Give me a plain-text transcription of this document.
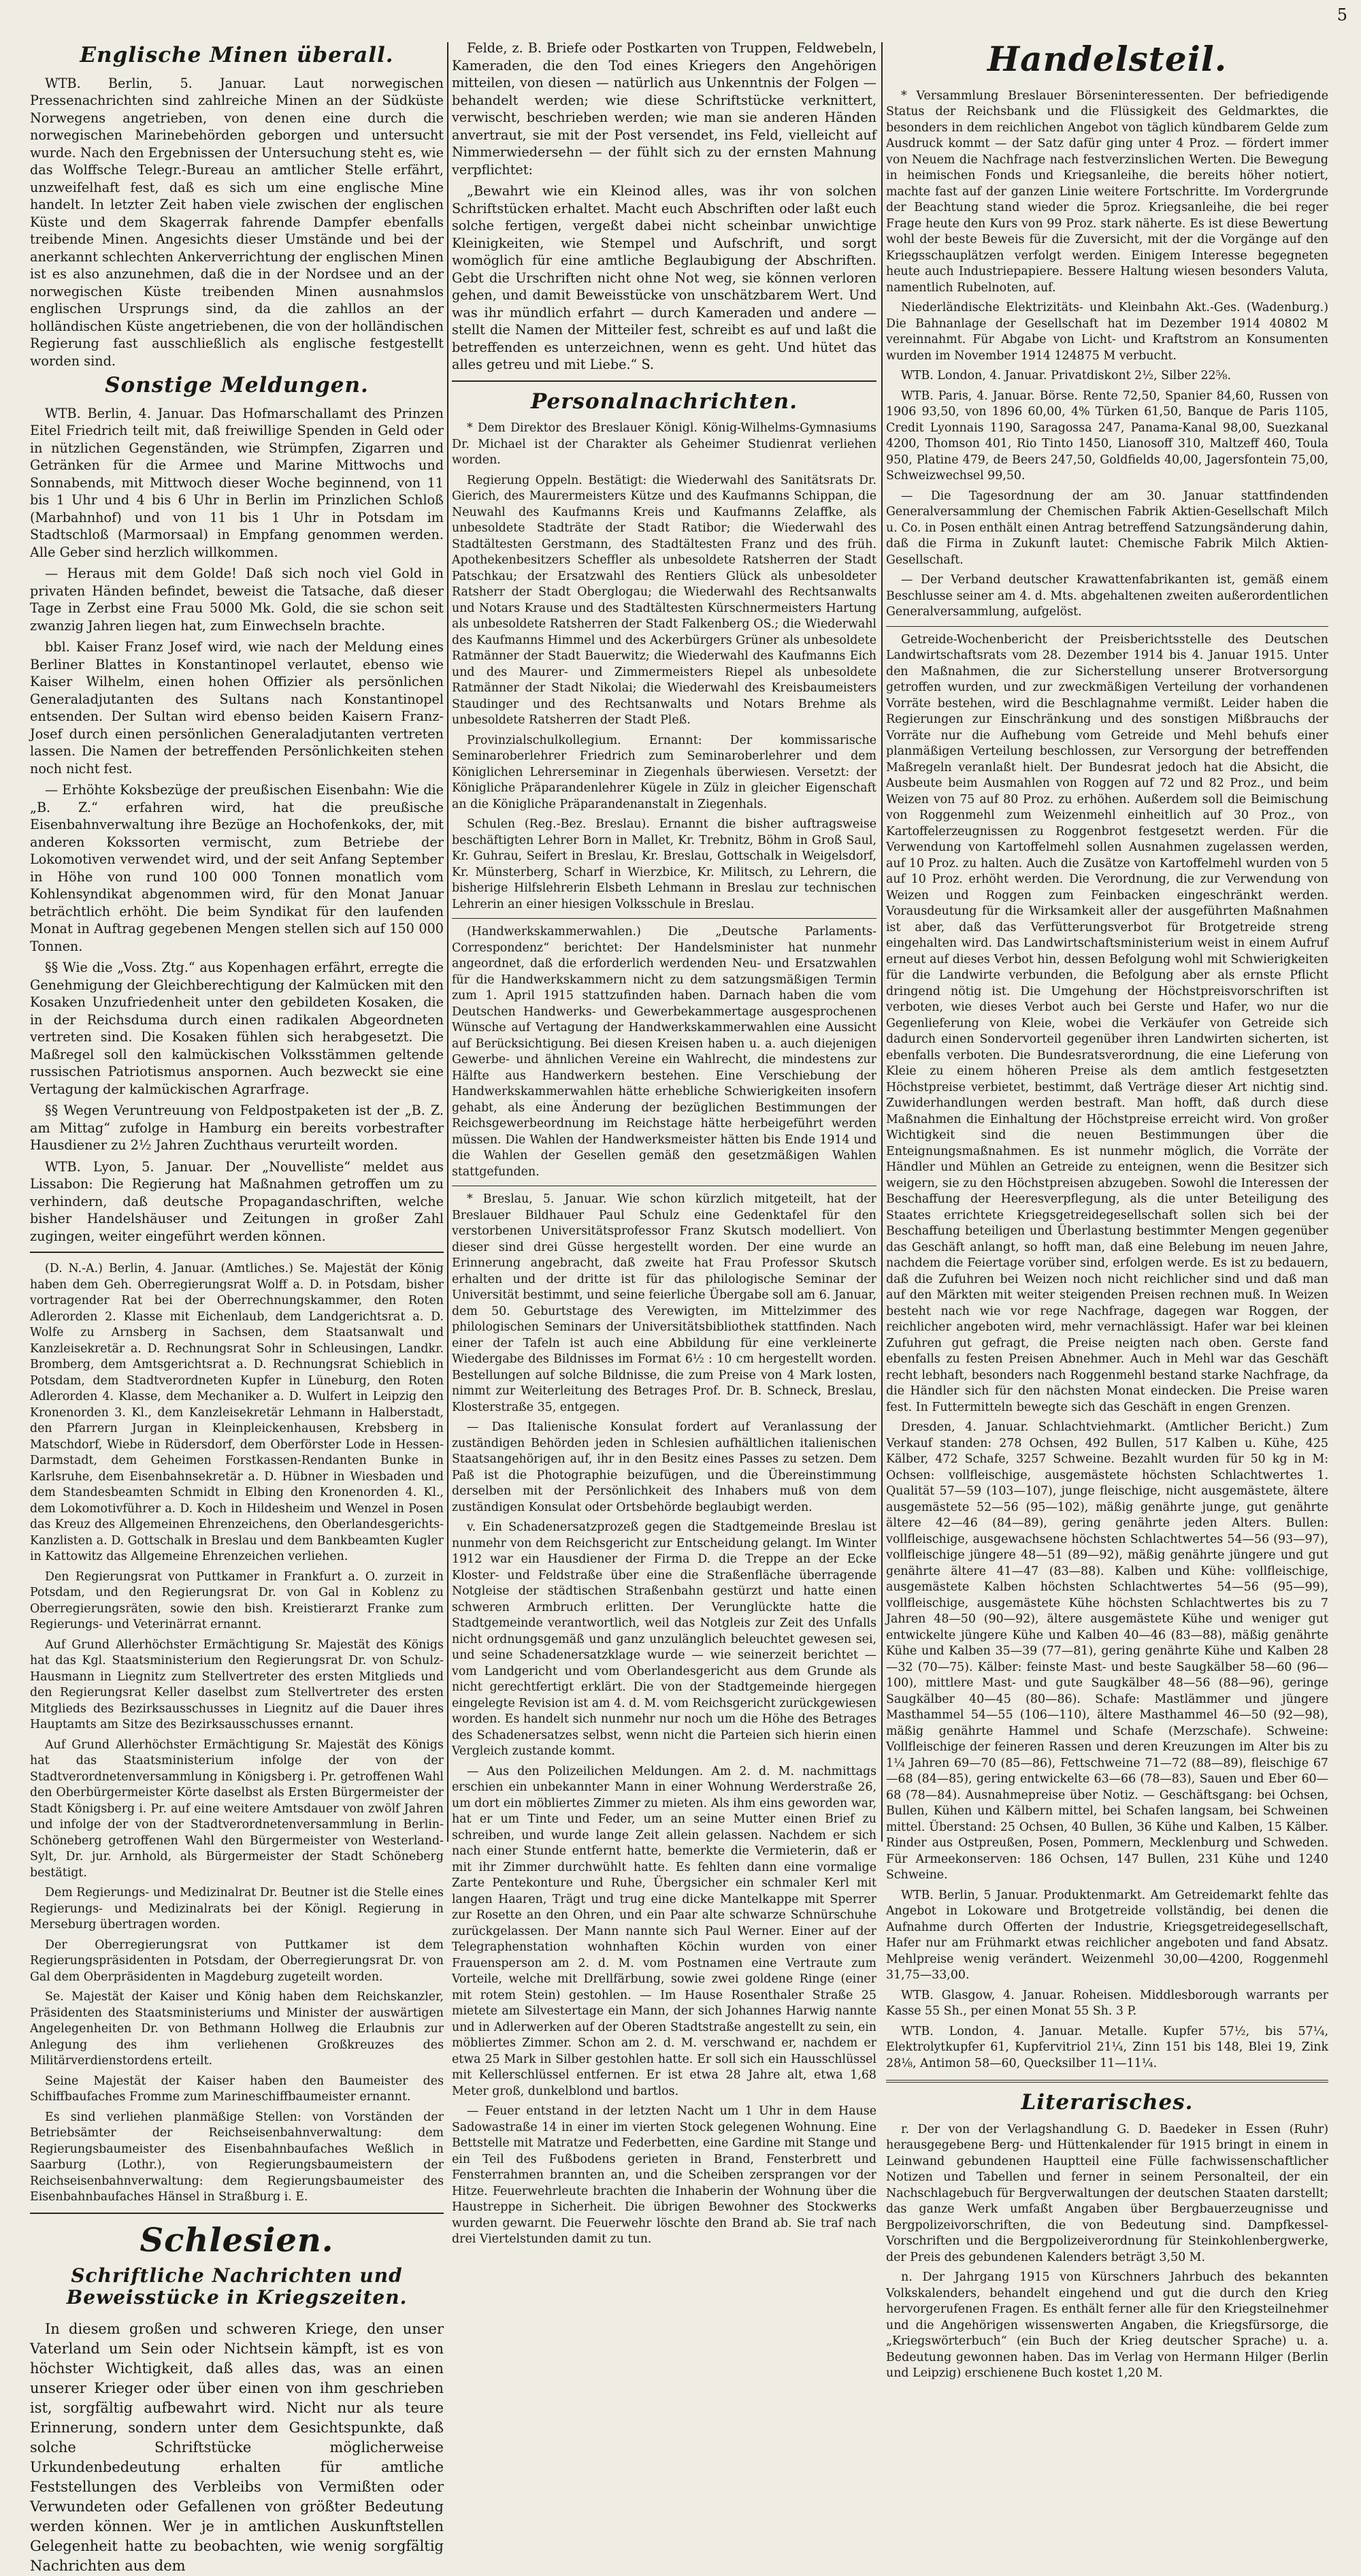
5
Englische Minen überall.

WTB. Berlin, 5. Januar. Laut norwegischen Pressenachrichten sind zahlreiche Minen an der Südküste Norwegens angetrieben, von denen eine durch die norwegischen Marinebehörden geborgen und untersucht wurde. Nach den Ergebnissen der Untersuchung steht es, wie das Wolffsche Telegr.-Bureau an amtlicher Stelle erfährt, unzweifelhaft fest, daß es sich um eine englische Mine handelt. In letzter Zeit haben viele zwischen der englischen Küste und dem Skagerrak fahrende Dampfer ebenfalls treibende Minen. Angesichts dieser Umstände und bei der anerkannt schlechten Ankerverrichtung der englischen Minen ist es also anzunehmen, daß die in der Nordsee und an der norwegischen Küste treibenden Minen ausnahmslos englischen Ursprungs sind, da die zahllos an der holländischen Küste angetriebenen, die von der holländischen Regierung fast ausschließlich als englische festgestellt worden sind.

Sonstige Meldungen.

WTB. Berlin, 4. Januar. Das Hofmarschallamt des Prinzen Eitel Friedrich teilt mit, daß freiwillige Spenden in Geld oder in nützlichen Gegenständen, wie Strümpfen, Zigarren und Getränken für die Armee und Marine Mittwochs und Sonnabends, mit Mittwoch dieser Woche beginnend, von 11 bis 1 Uhr und 4 bis 6 Uhr in Berlin im Prinzlichen Schloß (Marbahnhof) und von 11 bis 1 Uhr in Potsdam im Stadtschloß (Marmorsaal) in Empfang genommen werden. Alle Geber sind herzlich willkommen.

— Heraus mit dem Golde! Daß sich noch viel Gold in privaten Händen befindet, beweist die Tatsache, daß dieser Tage in Zerbst eine Frau 5000 Mk. Gold, die sie schon seit zwanzig Jahren liegen hat, zum Einwechseln brachte.

bbl. Kaiser Franz Josef wird, wie nach der Meldung eines Berliner Blattes in Konstantinopel verlautet, ebenso wie Kaiser Wilhelm, einen hohen Offizier als persönlichen Generaladjutanten des Sultans nach Konstantinopel entsenden. Der Sultan wird ebenso beiden Kaisern Franz-Josef durch einen persönlichen Generaladjutanten vertreten lassen. Die Namen der betreffenden Persönlichkeiten stehen noch nicht fest.

— Erhöhte Koksbezüge der preußischen Eisenbahn: Wie die „B. Z.“ erfahren wird, hat die preußische Eisenbahnverwaltung ihre Bezüge an Hochofenkoks, der, mit anderen Kokssorten vermischt, zum Betriebe der Lokomotiven verwendet wird, und der seit Anfang September in Höhe von rund 100 000 Tonnen monatlich vom Kohlensyndikat abgenommen wird, für den Monat Januar beträchtlich erhöht. Die beim Syndikat für den laufenden Monat in Auftrag gegebenen Mengen stellen sich auf 150 000 Tonnen.

§§ Wie die „Voss. Ztg.“ aus Kopenhagen erfährt, erregte die Genehmigung der Gleichberechtigung der Kalmücken mit den Kosaken Unzufriedenheit unter den gebildeten Kosaken, die in der Reichsduma durch einen radikalen Abgeordneten vertreten sind. Die Kosaken fühlen sich herabgesetzt. Die Maßregel soll den kalmückischen Volksstämmen geltende russischen Patriotismus anspornen. Auch bezweckt sie eine Vertagung der kalmückischen Agrarfrage.

§§ Wegen Veruntreuung von Feldpostpaketen ist der „B. Z. am Mittag“ zufolge in Hamburg ein bereits vorbestrafter Hausdiener zu 2½ Jahren Zuchthaus verurteilt worden.

WTB. Lyon, 5. Januar. Der „Nouvelliste“ meldet aus Lissabon: Die Regierung hat Maßnahmen getroffen um zu verhindern, daß deutsche Propagandaschriften, welche bisher Handelshäuser und Zeitungen in großer Zahl zugingen, weiter eingeführt werden können.

(D. N.-A.) Berlin, 4. Januar. (Amtliches.) Se. Majestät der König haben dem Geh. Oberregierungsrat Wolff a. D. in Potsdam, bisher vortragender Rat bei der Oberrechnungskammer, den Roten Adlerorden 2. Klasse mit Eichenlaub, dem Landgerichtsrat a. D. Wolfe zu Arnsberg in Sachsen, dem Staatsanwalt und Kanzleisekretär a. D. Rechnungsrat Sohr in Schleusingen, Landkr. Bromberg, dem Amtsgerichtsrat a. D. Rechnungsrat Schieblich in Potsdam, dem Stadtverordneten Kupfer in Lüneburg, den Roten Adlerorden 4. Klasse, dem Mechaniker a. D. Wulfert in Leipzig den Kronenorden 3. Kl., dem Kanzleisekretär Lehmann in Halberstadt, den Pfarrern Jurgan in Kleinpleickenhausen, Krebsberg in Matschdorf, Wiebe in Rüdersdorf, dem Oberförster Lode in Hessen-Darmstadt, dem Geheimen Forstkassen-Rendanten Bunke in Karlsruhe, dem Eisenbahnsekretär a. D. Hübner in Wiesbaden und dem Standesbeamten Schmidt in Elbing den Kronenorden 4. Kl., dem Lokomotivführer a. D. Koch in Hildesheim und Wenzel in Posen das Kreuz des Allgemeinen Ehrenzeichens, den Oberlandesgerichts-Kanzlisten a. D. Gottschalk in Breslau und dem Bankbeamten Kugler in Kattowitz das Allgemeine Ehrenzeichen verliehen.

Den Regierungsrat von Puttkamer in Frankfurt a. O. zurzeit in Potsdam, und den Regierungsrat Dr. von Gal in Koblenz zu Oberregierungsräten, sowie den bish. Kreistierarzt Franke zum Regierungs- und Veterinärrat ernannt.

Auf Grund Allerhöchster Ermächtigung Sr. Majestät des Königs hat das Kgl. Staatsministerium den Regierungsrat Dr. von Schulz-Hausmann in Liegnitz zum Stellvertreter des ersten Mitglieds und den Regierungsrat Keller daselbst zum Stellvertreter des ersten Mitglieds des Bezirksausschusses in Liegnitz auf die Dauer ihres Hauptamts am Sitze des Bezirksausschusses ernannt.

Auf Grund Allerhöchster Ermächtigung Sr. Majestät des Königs hat das Staatsministerium infolge der von der Stadtverordnetenversammlung in Königsberg i. Pr. getroffenen Wahl den Oberbürgermeister Körte daselbst als Ersten Bürgermeister der Stadt Königsberg i. Pr. auf eine weitere Amtsdauer von zwölf Jahren und infolge der von der Stadtverordnetenversammlung in Berlin-Schöneberg getroffenen Wahl den Bürgermeister von Westerland-Sylt, Dr. jur. Arnhold, als Bürgermeister der Stadt Schöneberg bestätigt.

Dem Regierungs- und Medizinalrat Dr. Beutner ist die Stelle eines Regierungs- und Medizinalrats bei der Königl. Regierung in Merseburg übertragen worden.

Der Oberregierungsrat von Puttkamer ist dem Regierungspräsidenten in Potsdam, der Oberregierungsrat Dr. von Gal dem Oberpräsidenten in Magdeburg zugeteilt worden.

Se. Majestät der Kaiser und König haben dem Reichskanzler, Präsidenten des Staatsministeriums und Minister der auswärtigen Angelegenheiten Dr. von Bethmann Hollweg die Erlaubnis zur Anlegung des ihm verliehenen Großkreuzes des Militärverdienstordens erteilt.

Seine Majestät der Kaiser haben den Baumeister des Schiffbaufaches Fromme zum Marineschiffbaumeister ernannt.

Es sind verliehen planmäßige Stellen: von Vorständen der Betriebsämter der Reichseisenbahnverwaltung: dem Regierungsbaumeister des Eisenbahnbaufaches Weßlich in Saarburg (Lothr.), von Regierungsbaumeistern der Reichseisenbahnverwaltung: dem Regierungsbaumeister des Eisenbahnbaufaches Hänsel in Straßburg i. E.

Schlesien.
Schriftliche Nachrichten und Beweisstücke in Kriegszeiten.

In diesem großen und schweren Kriege, den unser Vaterland um Sein oder Nichtsein kämpft, ist es von höchster Wichtigkeit, daß alles das, was an einen unserer Krieger oder über einen von ihm geschrieben ist, sorgfältig aufbewahrt wird. Nicht nur als teure Erinnerung, sondern unter dem Gesichtspunkte, daß solche Schriftstücke möglicherweise Urkundenbedeutung erhalten für amtliche Feststellungen des Verbleibs von Vermißten oder Verwundeten oder Gefallenen von größter Bedeutung werden können. Wer je in amtlichen Auskunftstellen Gelegenheit hatte zu beobachten, wie wenig sorgfältig Nachrichten aus dem

Felde, z. B. Briefe oder Postkarten von Truppen, Feldwebeln, Kameraden, die den Tod eines Kriegers den Angehörigen mitteilen, von diesen — natürlich aus Unkenntnis der Folgen — behandelt werden; wie diese Schriftstücke verknittert, verwischt, beschrieben werden; wie man sie anderen Händen anvertraut, sie mit der Post versendet, ins Feld, vielleicht auf Nimmerwiedersehn — der fühlt sich zu der ernsten Mahnung verpflichtet:

„Bewahrt wie ein Kleinod alles, was ihr von solchen Schriftstücken erhaltet. Macht euch Abschriften oder laßt euch solche fertigen, vergeßt dabei nicht scheinbar unwichtige Kleinigkeiten, wie Stempel und Aufschrift, und sorgt womöglich für eine amtliche Beglaubigung der Abschriften. Gebt die Urschriften nicht ohne Not weg, sie können verloren gehen, und damit Beweisstücke von unschätzbarem Wert. Und was ihr mündlich erfahrt — durch Kameraden und andere — stellt die Namen der Mitteiler fest, schreibt es auf und laßt die betreffenden es unterzeichnen, wenn es geht. Und hütet das alles getreu und mit Liebe.“ S.

Personalnachrichten.

* Dem Direktor des Breslauer Königl. König-Wilhelms-Gymnasiums Dr. Michael ist der Charakter als Geheimer Studienrat verliehen worden.

Regierung Oppeln. Bestätigt: die Wiederwahl des Sanitätsrats Dr. Gierich, des Maurermeisters Kütze und des Kaufmanns Schippan, die Neuwahl des Kaufmanns Kreis und Kaufmanns Zelaffke, als unbesoldete Stadträte der Stadt Ratibor; die Wiederwahl des Stadtältesten Gerstmann, des Stadtältesten Franz und des früh. Apothekenbesitzers Scheffler als unbesoldete Ratsherren der Stadt Patschkau; der Ersatzwahl des Rentiers Glück als unbesoldeter Ratsherr der Stadt Oberglogau; die Wiederwahl des Rechtsanwalts und Notars Krause und des Stadtältesten Kürschnermeisters Hartung als unbesoldete Ratsherren der Stadt Falkenberg OS.; die Wiederwahl des Kaufmanns Himmel und des Ackerbürgers Grüner als unbesoldete Ratmänner der Stadt Bauerwitz; die Wiederwahl des Kaufmanns Eich und des Maurer- und Zimmermeisters Riepel als unbesoldete Ratmänner der Stadt Nikolai; die Wiederwahl des Kreisbaumeisters Staudinger und des Rechtsanwalts und Notars Brehme als unbesoldete Ratsherren der Stadt Pleß.

Provinzialschulkollegium. Ernannt: Der kommissarische Seminaroberlehrer Friedrich zum Seminaroberlehrer und dem Königlichen Lehrerseminar in Ziegenhals überwiesen. Versetzt: der Königliche Präparandenlehrer Kügele in Zülz in gleicher Eigenschaft an die Königliche Präparandenanstalt in Ziegenhals.

Schulen (Reg.-Bez. Breslau). Ernannt die bisher auftragsweise beschäftigten Lehrer Born in Mallet, Kr. Trebnitz, Böhm in Groß Saul, Kr. Guhrau, Seifert in Breslau, Kr. Breslau, Gottschalk in Weigelsdorf, Kr. Münsterberg, Scharf in Wierzbice, Kr. Militsch, zu Lehrern, die bisherige Hilfslehrerin Elsbeth Lehmann in Breslau zur technischen Lehrerin an einer hiesigen Volksschule in Breslau.

(Handwerkskammerwahlen.) Die „Deutsche Parlaments-Correspondenz“ berichtet: Der Handelsminister hat nunmehr angeordnet, daß die erforderlich werdenden Neu- und Ersatzwahlen für die Handwerkskammern nicht zu dem satzungsmäßigen Termin zum 1. April 1915 stattzufinden haben. Darnach haben die vom Deutschen Handwerks- und Gewerbekammertage ausgesprochenen Wünsche auf Vertagung der Handwerkskammerwahlen eine Aussicht auf Berücksichtigung. Bei diesen Kreisen haben u. a. auch diejenigen Gewerbe- und ähnlichen Vereine ein Wahlrecht, die mindestens zur Hälfte aus Handwerkern bestehen. Eine Verschiebung der Handwerkskammerwahlen hätte erhebliche Schwierigkeiten insofern gehabt, als eine Änderung der bezüglichen Bestimmungen der Reichsgewerbeordnung im Reichstage hätte herbeigeführt werden müssen. Die Wahlen der Handwerksmeister hätten bis Ende 1914 und die Wahlen der Gesellen gemäß den gesetzmäßigen Wahlen stattgefunden.

* Breslau, 5. Januar. Wie schon kürzlich mitgeteilt, hat der Breslauer Bildhauer Paul Schulz eine Gedenktafel für den verstorbenen Universitätsprofessor Franz Skutsch modelliert. Von dieser sind drei Güsse hergestellt worden. Der eine wurde an Erinnerung angebracht, daß zweite hat Frau Professor Skutsch erhalten und der dritte ist für das philologische Seminar der Universität bestimmt, und seine feierliche Übergabe soll am 6. Januar, dem 50. Geburtstage des Verewigten, im Mittelzimmer des philologischen Seminars der Universitätsbibliothek stattfinden. Nach einer der Tafeln ist auch eine Abbildung für eine verkleinerte Wiedergabe des Bildnisses im Format 6½ : 10 cm hergestellt worden. Bestellungen auf solche Bildnisse, die zum Preise von 4 Mark losten, nimmt zur Weiterleitung des Betrages Prof. Dr. B. Schneck, Breslau, Klosterstraße 35, entgegen.

— Das Italienische Konsulat fordert auf Veranlassung der zuständigen Behörden jeden in Schlesien aufhältlichen italienischen Staatsangehörigen auf, ihr in den Besitz eines Passes zu setzen. Dem Paß ist die Photographie beizufügen, und die Übereinstimmung derselben mit der Persönlichkeit des Inhabers muß von dem zuständigen Konsulat oder Ortsbehörde beglaubigt werden.

v. Ein Schadenersatzprozeß gegen die Stadtgemeinde Breslau ist nunmehr von dem Reichsgericht zur Entscheidung gelangt. Im Winter 1912 war ein Hausdiener der Firma D. die Treppe an der Ecke Kloster- und Feldstraße über eine die Straßenfläche überragende Notgleise der städtischen Straßenbahn gestürzt und hatte einen schweren Armbruch erlitten. Der Verunglückte hatte die Stadtgemeinde verantwortlich, weil das Notgleis zur Zeit des Unfalls nicht ordnungsgemäß und ganz unzulänglich beleuchtet gewesen sei, und seine Schadenersatzklage wurde — wie seinerzeit berichtet — vom Landgericht und vom Oberlandesgericht aus dem Grunde als nicht gerechtfertigt erklärt. Die von der Stadtgemeinde hiergegen eingelegte Revision ist am 4. d. M. vom Reichsgericht zurückgewiesen worden. Es handelt sich nunmehr nur noch um die Höhe des Betrages des Schadenersatzes selbst, wenn nicht die Parteien sich hierin einen Vergleich zustande kommt.

— Aus den Polizeilichen Meldungen. Am 2. d. M. nachmittags erschien ein unbekannter Mann in einer Wohnung Werderstraße 26, um dort ein möbliertes Zimmer zu mieten. Als ihm eins geworden war, hat er um Tinte und Feder, um an seine Mutter einen Brief zu schreiben, und wurde lange Zeit allein gelassen. Nachdem er sich nach einer Stunde entfernt hatte, bemerkte die Vermieterin, daß er mit ihr Zimmer durchwühlt hatte. Es fehlten dann eine vormalige Zarte Pentekonture und Ruhe, Übergsicher ein schmaler Kerl mit langen Haaren, Trägt und trug eine dicke Mantelkappe mit Sperrer zur Rosette an den Ohren, und ein Paar alte schwarze Schnürschuhe zurückgelassen. Der Mann nannte sich Paul Werner. Einer auf der Telegraphenstation wohnhaften Köchin wurden von einer Frauensperson am 2. d. M. vom Postnamen eine Vertraute zum Vorteile, welche mit Drellfärbung, sowie zwei goldene Ringe (einer mit rotem Stein) gestohlen. — Im Hause Rosenthaler Straße 25 mietete am Silvestertage ein Mann, der sich Johannes Harwig nannte und in Adlerwerken auf der Oberen Stadtstraße angestellt zu sein, ein möbliertes Zimmer. Schon am 2. d. M. verschwand er, nachdem er etwa 25 Mark in Silber gestohlen hatte. Er soll sich ein Hausschlüssel mit Kellerschlüssel entfernen. Er ist etwa 28 Jahre alt, etwa 1,68 Meter groß, dunkelblond und bartlos.

— Feuer entstand in der letzten Nacht um 1 Uhr in dem Hause Sadowastraße 14 in einer im vierten Stock gelegenen Wohnung. Eine Bettstelle mit Matratze und Federbetten, eine Gardine mit Stange und ein Teil des Fußbodens gerieten in Brand, Fensterbrett und Fensterrahmen brannten an, und die Scheiben zersprangen vor der Hitze. Feuerwehrleute brachten die Inhaberin der Wohnung über die Haustreppe in Sicherheit. Die übrigen Bewohner des Stockwerks wurden gewarnt. Die Feuerwehr löschte den Brand ab. Sie traf nach drei Viertelstunden damit zu tun.

Handelsteil.

* Versammlung Breslauer Börseninteressenten. Der befriedigende Status der Reichsbank und die Flüssigkeit des Geldmarktes, die besonders in dem reichlichen Angebot von täglich kündbarem Gelde zum Ausdruck kommt — der Satz dafür ging unter 4 Proz. — fördert immer von Neuem die Nachfrage nach festverzinslichen Werten. Die Bewegung in heimischen Fonds und Kriegsanleihe, die bereits höher notiert, machte fast auf der ganzen Linie weitere Fortschritte. Im Vordergrunde der Beachtung stand wieder die 5proz. Kriegsanleihe, die bei reger Frage heute den Kurs von 99 Proz. stark näherte. Es ist diese Bewertung wohl der beste Beweis für die Zuversicht, mit der die Vorgänge auf den Kriegsschauplätzen verfolgt werden. Einigem Interesse begegneten heute auch Industriepapiere. Bessere Haltung wiesen besonders Valuta, namentlich Rubelnoten, auf.

Niederländische Elektrizitäts- und Kleinbahn Akt.-Ges. (Wadenburg.) Die Bahnanlage der Gesellschaft hat im Dezember 1914 40802 M vereinnahmt. Für Abgabe von Licht- und Kraftstrom an Konsumenten wurden im November 1914 124875 M verbucht.

WTB. London, 4. Januar. Privatdiskont 2½, Silber 22⅝.

WTB. Paris, 4. Januar. Börse. Rente 72,50, Spanier 84,60, Russen von 1906 93,50, von 1896 60,00, 4% Türken 61,50, Banque de Paris 1105, Credit Lyonnais 1190, Saragossa 247, Panama-Kanal 98,00, Suezkanal 4200, Thomson 401, Rio Tinto 1450, Lianosoff 310, Maltzeff 460, Toula 950, Platine 479, de Beers 247,50, Goldfields 40,00, Jagersfontein 75,00, Schweizwechsel 99,50.

— Die Tagesordnung der am 30. Januar stattfindenden Generalversammlung der Chemischen Fabrik Aktien-Gesellschaft Milch u. Co. in Posen enthält einen Antrag betreffend Satzungsänderung dahin, daß die Firma in Zukunft lautet: Chemische Fabrik Milch Aktien-Gesellschaft.

— Der Verband deutscher Krawattenfabrikanten ist, gemäß einem Beschlusse seiner am 4. d. Mts. abgehaltenen zweiten außerordentlichen Generalversammlung, aufgelöst.

Getreide-Wochenbericht der Preisberichtsstelle des Deutschen Landwirtschaftsrats vom 28. Dezember 1914 bis 4. Januar 1915. Unter den Maßnahmen, die zur Sicherstellung unserer Brotversorgung getroffen wurden, und zur zweckmäßigen Verteilung der vorhandenen Vorräte bestehen, wird die Beschlagnahme vermißt. Leider haben die Regierungen zur Einschränkung und des sonstigen Mißbrauchs der Vorräte nur die Aufhebung vom Getreide und Mehl behufs einer planmäßigen Verteilung beschlossen, zur Versorgung der betreffenden Maßregeln veranlaßt hielt. Der Bundesrat jedoch hat die Absicht, die Ausbeute beim Ausmahlen von Roggen auf 72 und 82 Proz., und beim Weizen von 75 auf 80 Proz. zu erhöhen. Außerdem soll die Beimischung von Roggenmehl zum Weizenmehl einheitlich auf 30 Proz., von Kartoffelerzeugnissen zu Roggenbrot festgesetzt werden. Für die Verwendung von Kartoffelmehl sollen Ausnahmen zugelassen werden, auf 10 Proz. zu halten. Auch die Zusätze von Kartoffelmehl wurden von 5 auf 10 Proz. erhöht werden. Die Verordnung, die zur Verwendung von Weizen und Roggen zum Feinbacken eingeschränkt werden. Vorausdeutung für die Wirksamkeit aller der ausgeführten Maßnahmen ist aber, daß das Verfütterungsverbot für Brotgetreide streng eingehalten wird. Das Landwirtschaftsministerium weist in einem Aufruf erneut auf dieses Verbot hin, dessen Befolgung wohl mit Schwierigkeiten für die Landwirte verbunden, die Befolgung aber als ernste Pflicht dringend nötig ist. Die Umgehung der Höchstpreisvorschriften ist verboten, wie dieses Verbot auch bei Gerste und Hafer, wo nur die Gegenlieferung von Kleie, wobei die Verkäufer von Getreide sich dadurch einen Sondervorteil gegenüber ihren Landwirten sicherten, ist ebenfalls verboten. Die Bundesratsverordnung, die eine Lieferung von Kleie zu einem höheren Preise als dem amtlich festgesetzten Höchstpreise verbietet, bestimmt, daß Verträge dieser Art nichtig sind. Zuwiderhandlungen werden bestraft. Man hofft, daß durch diese Maßnahmen die Einhaltung der Höchstpreise erreicht wird. Von großer Wichtigkeit sind die neuen Bestimmungen über die Enteignungsmaßnahmen. Es ist nunmehr möglich, die Vorräte der Händler und Mühlen an Getreide zu enteignen, wenn die Besitzer sich weigern, sie zu den Höchstpreisen abzugeben. Sowohl die Interessen der Beschaffung der Heeresverpflegung, als die unter Beteiligung des Staates errichtete Kriegsgetreidegesellschaft sollen sich bei der Beschaffung beteiligen und Überlastung bestimmter Mengen gegenüber das Geschäft anlangt, so hofft man, daß eine Belebung im neuen Jahre, nachdem die Feiertage vorüber sind, erfolgen werde. Es ist zu bedauern, daß die Zufuhren bei Weizen noch nicht reichlicher sind und daß man auf den Märkten mit weiter steigenden Preisen rechnen muß. In Weizen besteht nach wie vor rege Nachfrage, dagegen war Roggen, der reichlicher angeboten wird, mehr vernachlässigt. Hafer war bei kleinen Zufuhren gut gefragt, die Preise neigten nach oben. Gerste fand ebenfalls zu festen Preisen Abnehmer. Auch in Mehl war das Geschäft recht lebhaft, besonders nach Roggenmehl bestand starke Nachfrage, da die Händler sich für den nächsten Monat eindecken. Die Preise waren fest. In Futtermitteln bewegte sich das Geschäft in engen Grenzen.

Dresden, 4. Januar. Schlachtviehmarkt. (Amtlicher Bericht.) Zum Verkauf standen: 278 Ochsen, 492 Bullen, 517 Kalben u. Kühe, 425 Kälber, 472 Schafe, 3257 Schweine. Bezahlt wurden für 50 kg in M: Ochsen: vollfleischige, ausgemästete höchsten Schlachtwertes 1. Qualität 57—59 (103—107), junge fleischige, nicht ausgemästete, ältere ausgemästete 52—56 (95—102), mäßig genährte junge, gut genährte ältere 42—46 (84—89), gering genährte jeden Alters. Bullen: vollfleischige, ausgewachsene höchsten Schlachtwertes 54—56 (93—97), vollfleischige jüngere 48—51 (89—92), mäßig genährte jüngere und gut genährte ältere 41—47 (83—88). Kalben und Kühe: vollfleischige, ausgemästete Kalben höchsten Schlachtwertes 54—56 (95—99), vollfleischige, ausgemästete Kühe höchsten Schlachtwertes bis zu 7 Jahren 48—50 (90—92), ältere ausgemästete Kühe und weniger gut entwickelte jüngere Kühe und Kalben 40—46 (83—88), mäßig genährte Kühe und Kalben 35—39 (77—81), gering genährte Kühe und Kalben 28—32 (70—75). Kälber: feinste Mast- und beste Saugkälber 58—60 (96—100), mittlere Mast- und gute Saugkälber 48—56 (88—96), geringe Saugkälber 40—45 (80—86). Schafe: Mastlämmer und jüngere Masthammel 54—55 (106—110), ältere Masthammel 46—50 (92—98), mäßig genährte Hammel und Schafe (Merzschafe). Schweine: Vollfleischige der feineren Rassen und deren Kreuzungen im Alter bis zu 1¼ Jahren 69—70 (85—86), Fettschweine 71—72 (88—89), fleischige 67—68 (84—85), gering entwickelte 63—66 (78—83), Sauen und Eber 60—68 (78—84). Ausnahmepreise über Notiz. — Geschäftsgang: bei Ochsen, Bullen, Kühen und Kälbern mittel, bei Schafen langsam, bei Schweinen mittel. Überstand: 25 Ochsen, 40 Bullen, 36 Kühe und Kalben, 15 Kälber. Rinder aus Ostpreußen, Posen, Pommern, Mecklenburg und Schweden. Für Armeekonserven: 186 Ochsen, 147 Bullen, 231 Kühe und 1240 Schweine.

WTB. Berlin, 5 Januar. Produktenmarkt. Am Getreidemarkt fehlte das Angebot in Lokoware und Brotgetreide vollständig, bei denen die Aufnahme durch Offerten der Industrie, Kriegsgetreidegesellschaft, Hafer nur am Frühmarkt etwas reichlicher angeboten und fand Absatz. Mehlpreise wenig verändert. Weizenmehl 30,00—4200, Roggenmehl 31,75—33,00.

WTB. Glasgow, 4. Januar. Roheisen. Middlesborough warrants per Kasse 55 Sh., per einen Monat 55 Sh. 3 P.

WTB. London, 4. Januar. Metalle. Kupfer 57½, bis 57¼, Elektrolytkupfer 61, Kupfervitriol 21¼, Zinn 151 bis 148, Blei 19, Zink 28⅛, Antimon 58—60, Quecksilber 11—11¼.

Literarisches.

r. Der von der Verlagshandlung G. D. Baedeker in Essen (Ruhr) herausgegebene Berg- und Hüttenkalender für 1915 bringt in einem in Leinwand gebundenen Hauptteil eine Fülle fachwissenschaftlicher Notizen und Tabellen und ferner in seinem Personalteil, der ein Nachschlagebuch für Bergverwaltungen der deutschen Staaten darstellt; das ganze Werk umfaßt Angaben über Bergbauerzeugnisse und Bergpolizeivorschriften, die von Bedeutung sind. Dampfkessel-Vorschriften und die Bergpolizeiverordnung für Steinkohlenbergwerke, der Preis des gebundenen Kalenders beträgt 3,50 M.

n. Der Jahrgang 1915 von Kürschners Jahrbuch des bekannten Volkskalenders, behandelt eingehend und gut die durch den Krieg hervorgerufenen Fragen. Es enthält ferner alle für den Kriegsteilnehmer und die Angehörigen wissenswerten Angaben, die Kriegsfürsorge, die „Kriegswörterbuch“ (ein Buch der Krieg deutscher Sprache) u. a. Bedeutung gewonnen haben. Das im Verlag von Hermann Hilger (Berlin und Leipzig) erschienene Buch kostet 1,20 M.
